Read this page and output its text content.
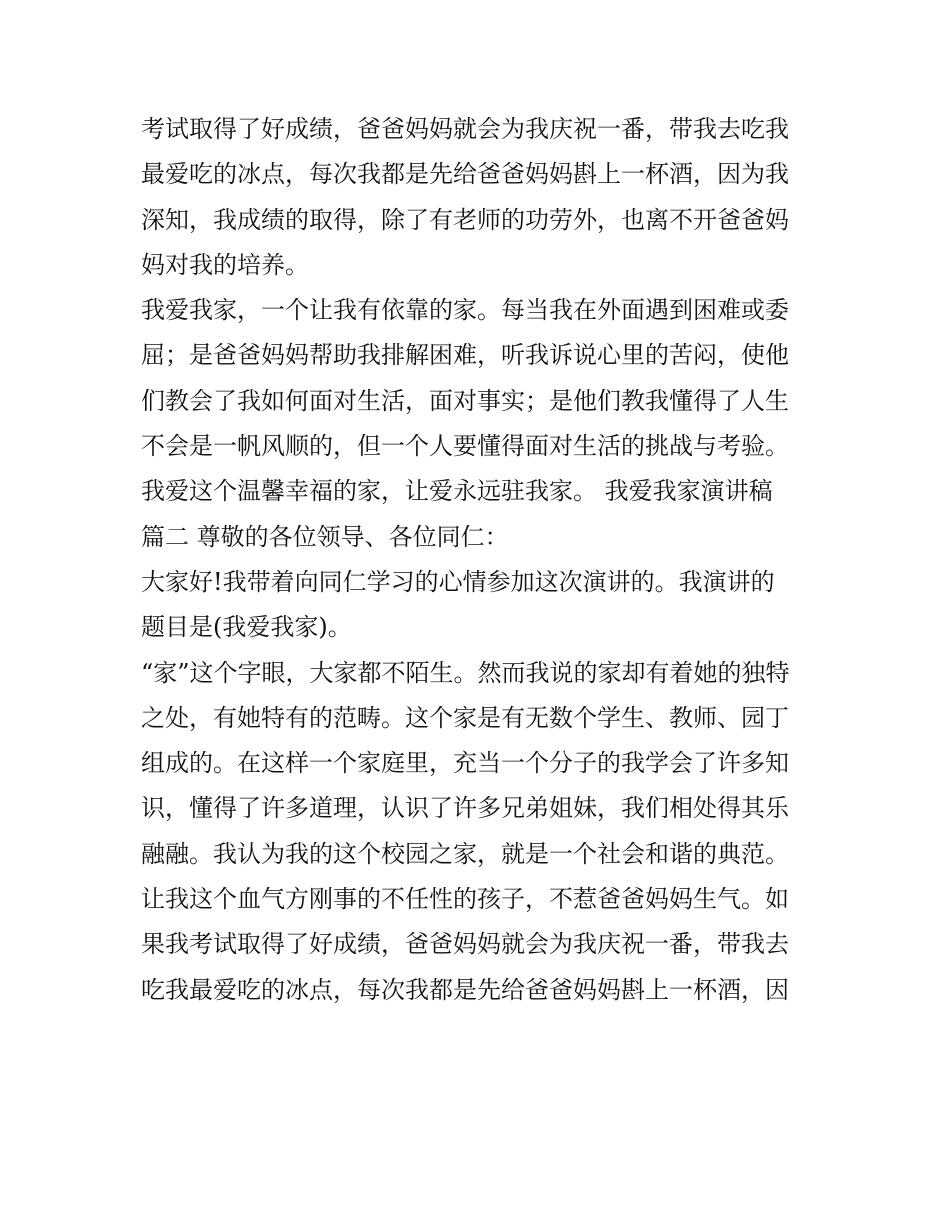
考试取得了好成绩，爸爸妈妈就会为我庆祝一番，带我去吃我
最爱吃的冰点，每次我都是先给爸爸妈妈斟上一杯酒，因为我
深知，我成绩的取得，除了有老师的功劳外，也离不开爸爸妈
妈对我的培养。
我爱我家，一个让我有依靠的家。每当我在外面遇到困难或委
屈；是爸爸妈妈帮助我排解困难，听我诉说心里的苦闷，使他
们教会了我如何面对生活，面对事实；是他们教我懂得了人生
不会是一帆风顺的，但一个人要懂得面对生活的挑战与考验。
我爱这个温馨幸福的家，让爱永远驻我家。 我爱我家演讲稿
篇二 尊敬的各位领导、各位同仁：
大家好!我带着向同仁学习的心情参加这次演讲的。我演讲的
题目是(我爱我家)。
“家”这个字眼，大家都不陌生。然而我说的家却有着她的独特
之处，有她特有的范畴。这个家是有无数个学生、教师、园丁
组成的。在这样一个家庭里，充当一个分子的我学会了许多知
识，懂得了许多道理，认识了许多兄弟姐妹，我们相处得其乐
融融。我认为我的这个校园之家，就是一个社会和谐的典范。
让我这个血气方刚事的不任性的孩子，不惹爸爸妈妈生气。如
果我考试取得了好成绩，爸爸妈妈就会为我庆祝一番，带我去
吃我最爱吃的冰点，每次我都是先给爸爸妈妈斟上一杯酒，因
